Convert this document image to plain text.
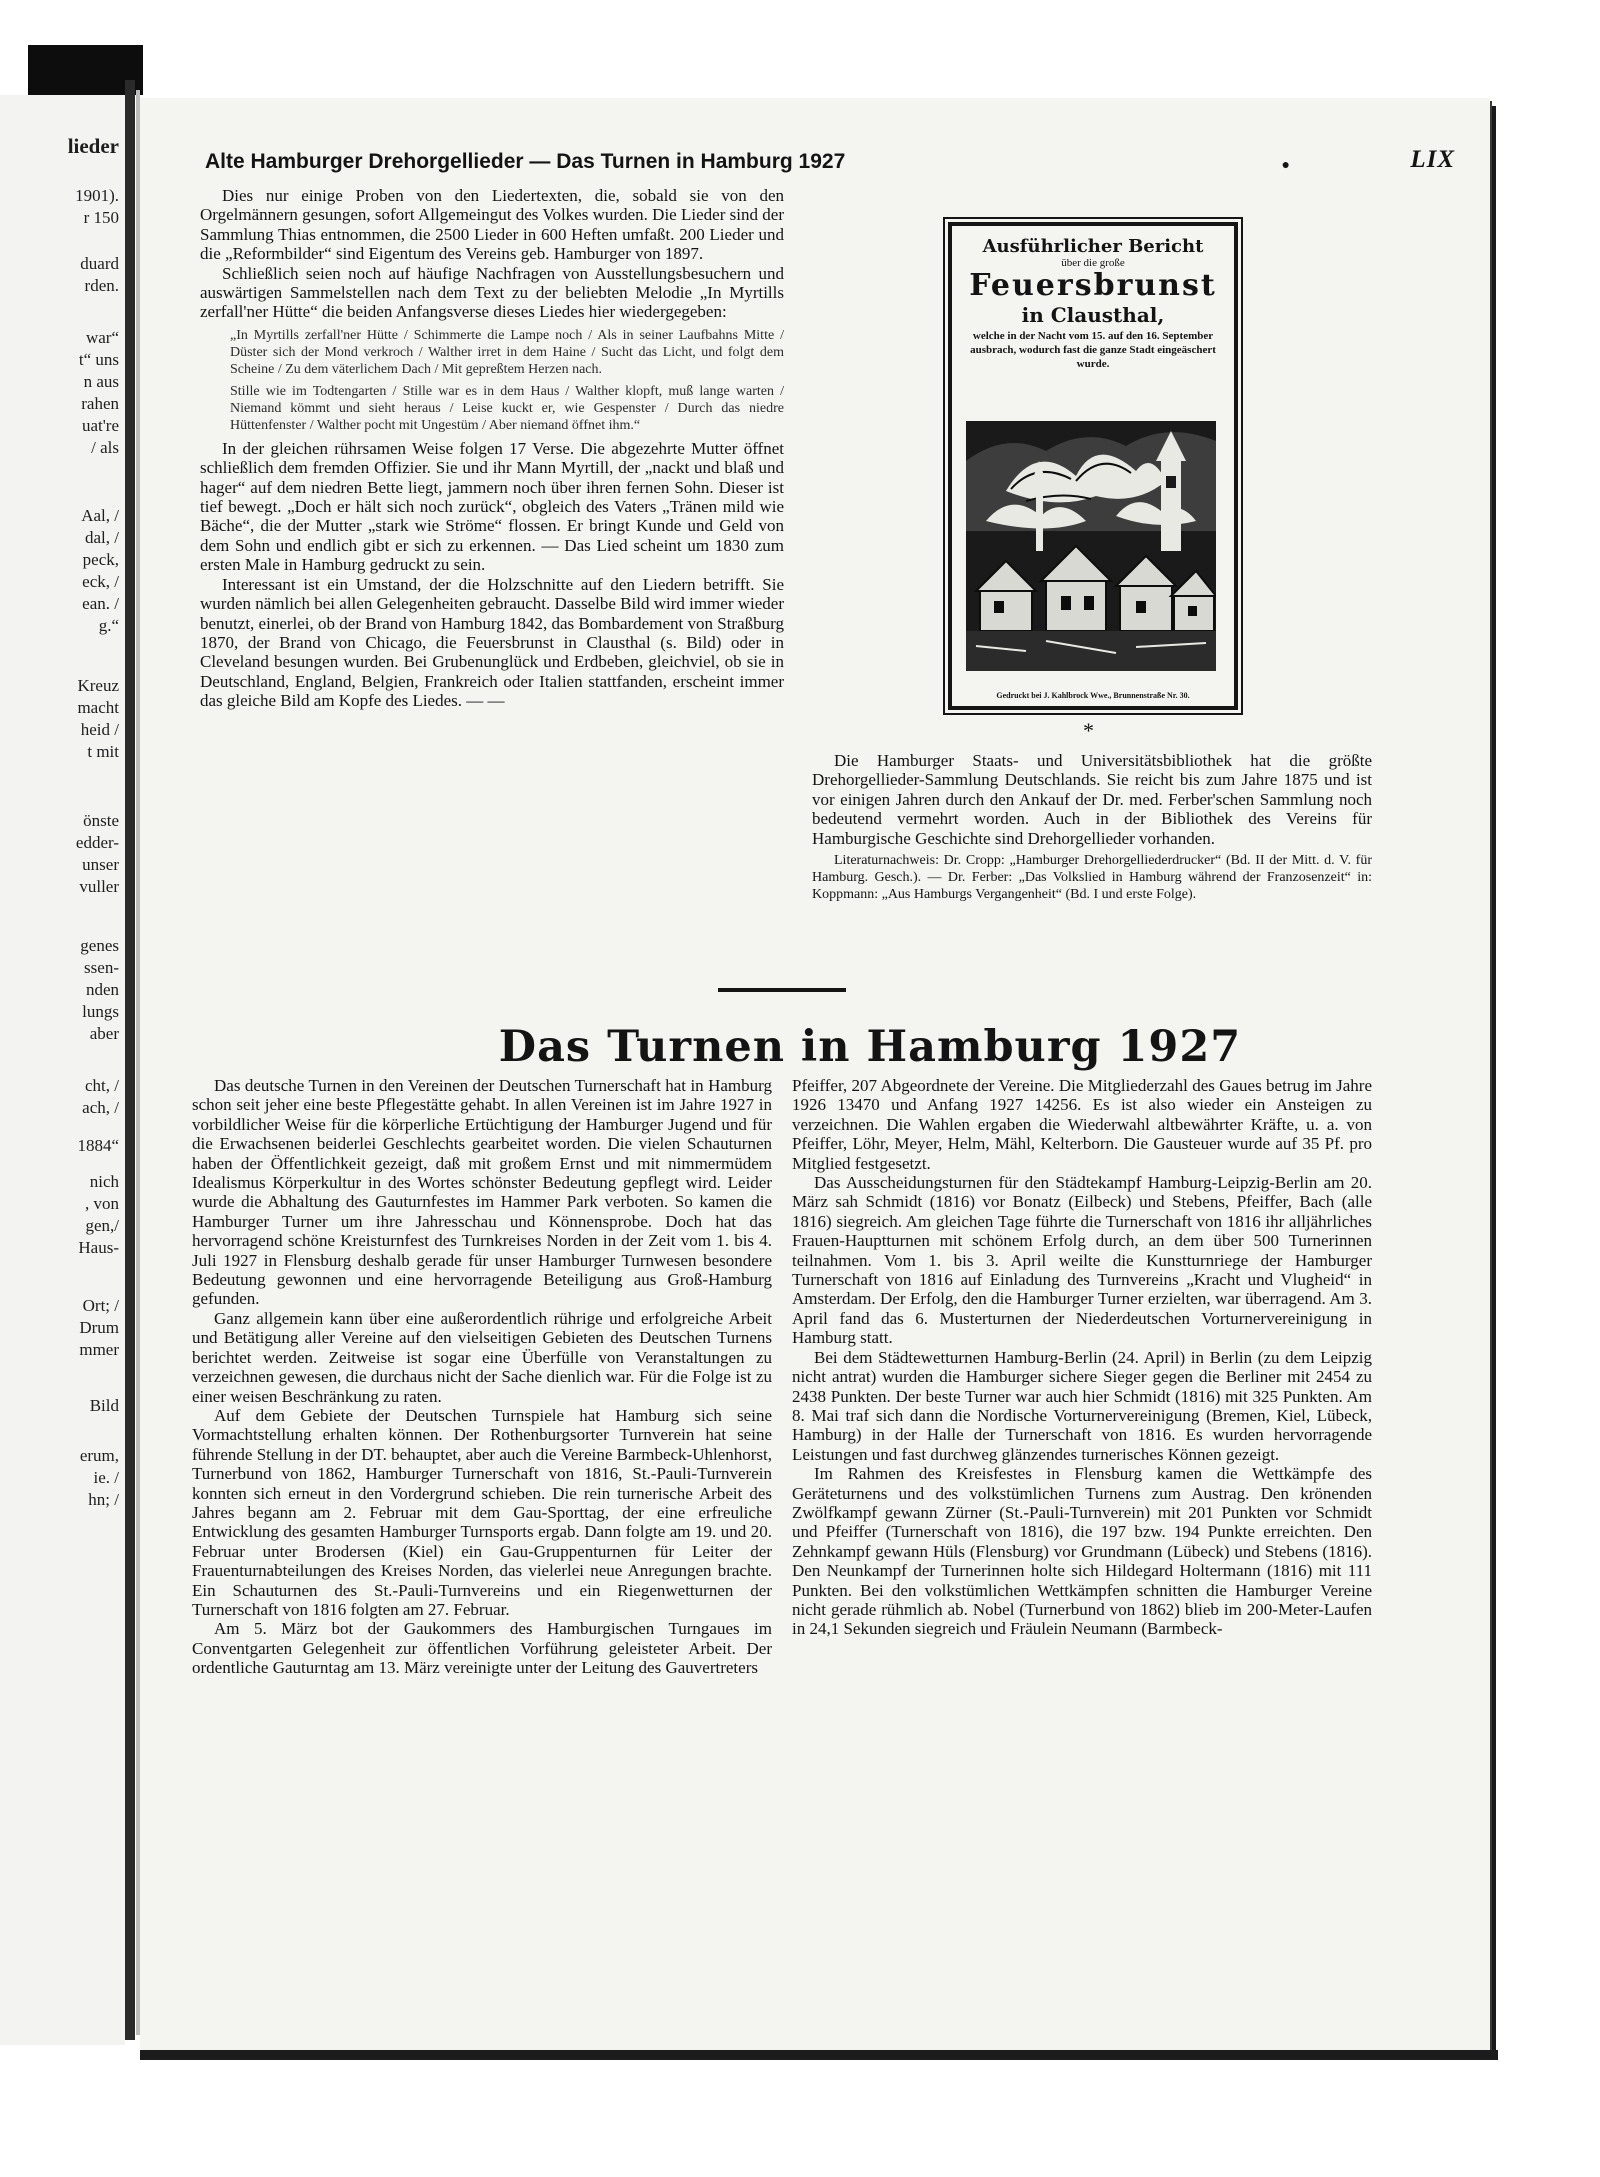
lieder
1901).
r 150
duard
rden.
war“
t“ uns
n aus
rahen
uat're
/ als
Aal, /
dal, /
peck,
eck, /
ean. /
g.“
Kreuz
macht
heid /
t mit
önste
edder-
unser
vuller
genes
ssen-
nden
lungs
aber
cht, /
ach, /
1884“
nich
, von
gen,/
Haus-
Ort; /
Drum
mmer
Bild
erum,
ie. /
hn; /
Alte Hamburger Drehorgellieder — Das Turnen in Hamburg 1927	●	LIX

Dies nur einige Proben von den Liedertexten, die, sobald sie von den Orgelmännern gesungen, sofort Allgemeingut des Volkes wurden. Die Lieder sind der Sammlung Thias entnommen, die 2500 Lieder in 600 Heften umfaßt. 200 Lieder und die „Reformbilder“ sind Eigentum des Vereins geb. Hamburger von 1897.

Schließlich seien noch auf häufige Nachfragen von Ausstellungsbesuchern und auswärtigen Sammelstellen nach dem Text zu der beliebten Melodie „In Myrtills zerfall'ner Hütte“ die beiden Anfangsverse dieses Liedes hier wiedergegeben:

„In Myrtills zerfall'ner Hütte / Schimmerte die Lampe noch / Als in seiner Laufbahns Mitte / Düster sich der Mond verkroch / Walther irret in dem Haine / Sucht das Licht, und folgt dem Scheine / Zu dem väterlichem Dach / Mit gepreßtem Herzen nach.

Stille wie im Todtengarten / Stille war es in dem Haus / Walther klopft, muß lange warten / Niemand kömmt und sieht heraus / Leise kuckt er, wie Gespenster / Durch das niedre Hüttenfenster / Walther pocht mit Ungestüm / Aber niemand öffnet ihm.“

In der gleichen rührsamen Weise folgen 17 Verse. Die abgezehrte Mutter öffnet schließlich dem fremden Offizier. Sie und ihr Mann Myrtill, der „nackt und blaß und hager“ auf dem niedren Bette liegt, jammern noch über ihren fernen Sohn. Dieser ist tief bewegt. „Doch er hält sich noch zurück“, obgleich des Vaters „Tränen mild wie Bäche“, die der Mutter „stark wie Ströme“ flossen. Er bringt Kunde und Geld von dem Sohn und endlich gibt er sich zu erkennen. — Das Lied scheint um 1830 zum ersten Male in Hamburg gedruckt zu sein.

Interessant ist ein Umstand, der die Holzschnitte auf den Liedern betrifft. Sie wurden nämlich bei allen Gelegenheiten gebraucht. Dasselbe Bild wird immer wieder benutzt, einerlei, ob der Brand von Hamburg 1842, das Bombardement von Straßburg 1870, der Brand von Chicago, die Feuersbrunst in Clausthal (s. Bild) oder in Cleveland besungen wurden. Bei Grubenunglück und Erdbeben, gleichviel, ob sie in Deutschland, England, Belgien, Frankreich oder Italien stattfanden, erscheint immer das gleiche Bild am Kopfe des Liedes. — —

Ausführlicher Bericht
über die große
Feuersbrunst
in Clausthal,
welche in der Nacht vom 15. auf den 16. September ausbrach, wodurch fast die ganze Stadt eingeäschert wurde.
Gedruckt bei J. Kahlbrock Wwe., Brunnenstraße Nr. 30.
*

Die Hamburger Staats- und Universitätsbibliothek hat die größte Drehorgellieder-Sammlung Deutschlands. Sie reicht bis zum Jahre 1875 und ist vor einigen Jahren durch den Ankauf der Dr. med. Ferber'schen Sammlung noch bedeutend vermehrt worden. Auch in der Bibliothek des Vereins für Hamburgische Geschichte sind Drehorgellieder vorhanden.

Literaturnachweis: Dr. Cropp: „Hamburger Drehorgelliederdrucker“ (Bd. II der Mitt. d. V. für Hamburg. Gesch.). — Dr. Ferber: „Das Volkslied in Hamburg während der Franzosenzeit“ in: Koppmann: „Aus Hamburgs Vergangenheit“ (Bd. I und erste Folge).

Das Turnen in Hamburg 1927

Das deutsche Turnen in den Vereinen der Deutschen Turnerschaft hat in Hamburg schon seit jeher eine beste Pflegestätte gehabt. In allen Vereinen ist im Jahre 1927 in vorbildlicher Weise für die körperliche Ertüchtigung der Hamburger Jugend und für die Erwachsenen beiderlei Geschlechts gearbeitet worden. Die vielen Schauturnen haben der Öffentlichkeit gezeigt, daß mit großem Ernst und mit nimmermüdem Idealismus Körperkultur in des Wortes schönster Bedeutung gepflegt wird. Leider wurde die Abhaltung des Gauturnfestes im Hammer Park verboten. So kamen die Hamburger Turner um ihre Jahresschau und Könnensprobe. Doch hat das hervorragend schöne Kreisturnfest des Turnkreises Norden in der Zeit vom 1. bis 4. Juli 1927 in Flensburg deshalb gerade für unser Hamburger Turnwesen besondere Bedeutung gewonnen und eine hervorragende Beteiligung aus Groß-Hamburg gefunden.

Ganz allgemein kann über eine außerordentlich rührige und erfolgreiche Arbeit und Betätigung aller Vereine auf den vielseitigen Gebieten des Deutschen Turnens berichtet werden. Zeitweise ist sogar eine Überfülle von Veranstaltungen zu verzeichnen gewesen, die durchaus nicht der Sache dienlich war. Für die Folge ist zu einer weisen Beschränkung zu raten.

Auf dem Gebiete der Deutschen Turnspiele hat Hamburg sich seine Vormachtstellung erhalten können. Der Rothenburgsorter Turnverein hat seine führende Stellung in der DT. behauptet, aber auch die Vereine Barmbeck-Uhlenhorst, Turnerbund von 1862, Hamburger Turnerschaft von 1816, St.-Pauli-Turnverein konnten sich erneut in den Vordergrund schieben. Die rein turnerische Arbeit des Jahres begann am 2. Februar mit dem Gau-Sporttag, der eine erfreuliche Entwicklung des gesamten Hamburger Turnsports ergab. Dann folgte am 19. und 20. Februar unter Brodersen (Kiel) ein Gau-Gruppenturnen für Leiter der Frauenturnabteilungen des Kreises Norden, das vielerlei neue Anregungen brachte. Ein Schauturnen des St.-Pauli-Turnvereins und ein Riegenwetturnen der Turnerschaft von 1816 folgten am 27. Februar.

Am 5. März bot der Gaukommers des Hamburgischen Turngaues im Conventgarten Gelegenheit zur öffentlichen Vorführung geleisteter Arbeit. Der ordentliche Gauturntag am 13. März vereinigte unter der Leitung des Gauvertreters

Pfeiffer, 207 Abgeordnete der Vereine. Die Mitgliederzahl des Gaues betrug im Jahre 1926 13470 und Anfang 1927 14256. Es ist also wieder ein Ansteigen zu verzeichnen. Die Wahlen ergaben die Wiederwahl altbewährter Kräfte, u. a. von Pfeiffer, Löhr, Meyer, Helm, Mähl, Kelterborn. Die Gausteuer wurde auf 35 Pf. pro Mitglied festgesetzt.

Das Ausscheidungsturnen für den Städtekampf Hamburg-Leipzig-Berlin am 20. März sah Schmidt (1816) vor Bonatz (Eilbeck) und Stebens, Pfeiffer, Bach (alle 1816) siegreich. Am gleichen Tage führte die Turnerschaft von 1816 ihr alljährliches Frauen-Hauptturnen mit schönem Erfolg durch, an dem über 500 Turnerinnen teilnahmen. Vom 1. bis 3. April weilte die Kunstturnriege der Hamburger Turnerschaft von 1816 auf Einladung des Turnvereins „Kracht und Vlugheid“ in Amsterdam. Der Erfolg, den die Hamburger Turner erzielten, war überragend. Am 3. April fand das 6. Musterturnen der Niederdeutschen Vorturnervereinigung in Hamburg statt.

Bei dem Städtewetturnen Hamburg-Berlin (24. April) in Berlin (zu dem Leipzig nicht antrat) wurden die Hamburger sichere Sieger gegen die Berliner mit 2454 zu 2438 Punkten. Der beste Turner war auch hier Schmidt (1816) mit 325 Punkten. Am 8. Mai traf sich dann die Nordische Vorturnervereinigung (Bremen, Kiel, Lübeck, Hamburg) in der Halle der Turnerschaft von 1816. Es wurden hervorragende Leistungen und fast durchweg glänzendes turnerisches Können gezeigt.

Im Rahmen des Kreisfestes in Flensburg kamen die Wettkämpfe des Geräteturnens und des volkstümlichen Turnens zum Austrag. Den krönenden Zwölfkampf gewann Zürner (St.-Pauli-Turnverein) mit 201 Punkten vor Schmidt und Pfeiffer (Turnerschaft von 1816), die 197 bzw. 194 Punkte erreichten. Den Zehnkampf gewann Hüls (Flensburg) vor Grundmann (Lübeck) und Stebens (1816). Den Neunkampf der Turnerinnen holte sich Hildegard Holtermann (1816) mit 111 Punkten. Bei den volkstümlichen Wettkämpfen schnitten die Hamburger Vereine nicht gerade rühmlich ab. Nobel (Turnerbund von 1862) blieb im 200-Meter-Laufen in 24,1 Sekunden siegreich und Fräulein Neumann (Barmbeck-
